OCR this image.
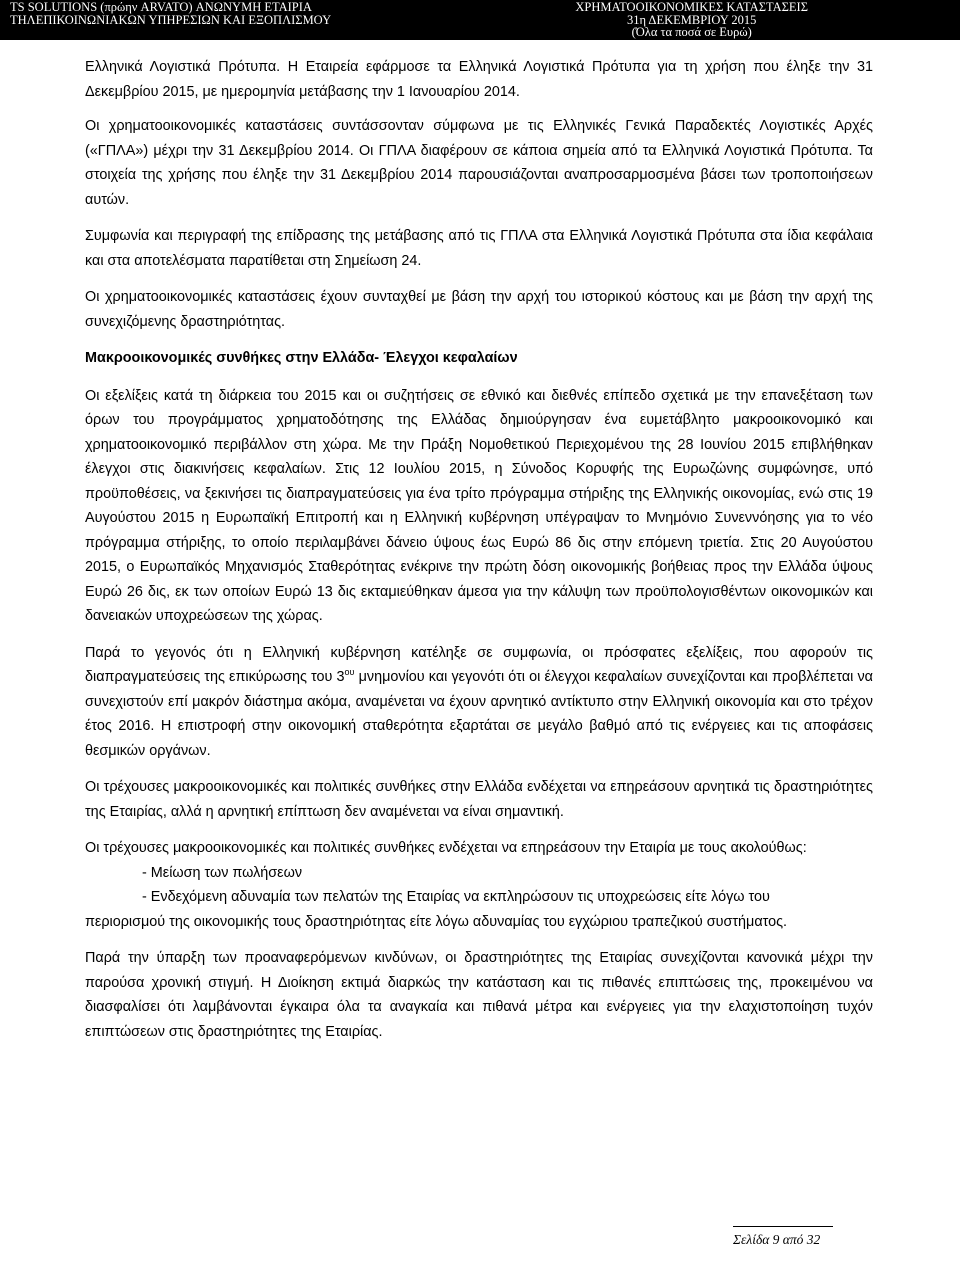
TS SOLUTIONS (πρώην ARVATO) ΑΝΩΝΥΜΗ ΕΤΑΙΡΙΑ
ΤΗΛΕΠΙΚΟΙΝΩΝΙΑΚΩΝ ΥΠΗΡΕΣΙΩΝ ΚΑΙ ΕΞΟΠΛΙΣΜΟΥ
ΧΡΗΜΑΤΟΟΙΚΟΝΟΜΙΚΕΣ ΚΑΤΑΣΤΑΣΕΙΣ
31η ΔΕΚΕΜΒΡΙΟΥ 2015
(Όλα τα ποσά σε Ευρώ)

Ελληνικά Λογιστικά Πρότυπα. Η Εταιρεία εφάρμοσε τα Ελληνικά Λογιστικά Πρότυπα για τη χρήση που έληξε την 31 Δεκεμβρίου 2015, με ημερομηνία μετάβασης την 1 Ιανουαρίου 2014.

Οι χρηματοοικονομικές καταστάσεις συντάσσονταν σύμφωνα με τις Ελληνικές Γενικά Παραδεκτές Λογιστικές Αρχές («ΓΠΛΑ») μέχρι την 31 Δεκεμβρίου 2014. Οι ΓΠΛΑ διαφέρουν σε κάποια σημεία από τα Ελληνικά Λογιστικά Πρότυπα. Τα στοιχεία της χρήσης που έληξε την 31 Δεκεμβρίου 2014 παρουσιάζονται αναπροσαρμοσμένα βάσει των τροποποιήσεων αυτών.

Συμφωνία και περιγραφή της επίδρασης της μετάβασης από τις ΓΠΛΑ στα Ελληνικά Λογιστικά Πρότυπα στα ίδια κεφάλαια και στα αποτελέσματα παρατίθεται στη Σημείωση 24.

Οι χρηματοοικονομικές καταστάσεις έχουν συνταχθεί με βάση την αρχή του ιστορικού κόστους και με βάση την αρχή της συνεχιζόμενης δραστηριότητας.

Μακροοικονομικές συνθήκες στην Ελλάδα- Έλεγχοι κεφαλαίων

Οι εξελίξεις κατά τη διάρκεια του 2015 και οι συζητήσεις σε εθνικό και διεθνές επίπεδο σχετικά με την επανεξέταση των όρων του προγράμματος χρηματοδότησης της Ελλάδας δημιούργησαν ένα ευμετάβλητο μακροοικονομικό και χρηματοοικονομικό περιβάλλον στη χώρα. Με την Πράξη Νομοθετικού Περιεχομένου της 28 Ιουνίου 2015 επιβλήθηκαν έλεγχοι στις διακινήσεις κεφαλαίων. Στις 12 Ιουλίου 2015, η Σύνοδος Κορυφής της Ευρωζώνης συμφώνησε, υπό προϋποθέσεις, να ξεκινήσει τις διαπραγματεύσεις για ένα τρίτο πρόγραμμα στήριξης της Ελληνικής οικονομίας, ενώ στις 19 Αυγούστου 2015 η Ευρωπαϊκή Επιτροπή και η Ελληνική κυβέρνηση υπέγραψαν το Μνημόνιο Συνεννόησης για το νέο πρόγραμμα στήριξης, το οποίο περιλαμβάνει δάνειο ύψους έως Ευρώ 86 δις στην επόμενη τριετία. Στις 20 Αυγούστου 2015, ο Ευρωπαϊκός Μηχανισμός Σταθερότητας ενέκρινε την πρώτη δόση οικονομικής βοήθειας προς την Ελλάδα ύψους Ευρώ 26 δις, εκ των οποίων Ευρώ 13 δις εκταμιεύθηκαν άμεσα για την κάλυψη των προϋπολογισθέντων οικονομικών και δανειακών υποχρεώσεων της χώρας.

Παρά το γεγονός ότι η Ελληνική κυβέρνηση κατέληξε σε συμφωνία, οι πρόσφατες εξελίξεις, που αφορούν τις διαπραγματεύσεις της επικύρωσης του $3^{o\upsilon}$ μνημονίου και γεγονότι ότι οι έλεγχοι κεφαλαίων συνεχίζονται και προβλέπεται να συνεχιστούν επί μακρόν διάστημα ακόμα, αναμένεται να έχουν αρνητικό αντίκτυπο στην Ελληνική οικονομία και στο τρέχον έτος 2016. Η επιστροφή στην οικονομική σταθερότητα εξαρτάται σε μεγάλο βαθμό από τις ενέργειες και τις αποφάσεις θεσμικών οργάνων.

Οι τρέχουσες μακροοικονομικές και πολιτικές συνθήκες στην Ελλάδα ενδέχεται να επηρεάσουν αρνητικά τις δραστηριότητες της Εταιρίας, αλλά η αρνητική επίπτωση δεν αναμένεται να είναι σημαντική.

Οι τρέχουσες μακροοικονομικές και πολιτικές συνθήκες ενδέχεται να επηρεάσουν την Εταιρία με τους ακολούθως:

- Μείωση των πωλήσεων
- Ενδεχόμενη αδυναμία των πελατών της Εταιρίας να εκπληρώσουν τις υποχρεώσεις είτε λόγω του

περιορισμού της οικονομικής τους δραστηριότητας είτε λόγω αδυναμίας του εγχώριου τραπεζικού συστήματος.

Παρά την ύπαρξη των προαναφερόμενων κινδύνων, οι δραστηριότητες της Εταιρίας συνεχίζονται κανονικά μέχρι την παρούσα χρονική στιγμή. Η Διοίκηση εκτιμά διαρκώς την κατάσταση και τις πιθανές επιπτώσεις της, προκειμένου να διασφαλίσει ότι λαμβάνονται έγκαιρα όλα τα αναγκαία και πιθανά μέτρα και ενέργειες για την ελαχιστοποίηση τυχόν επιπτώσεων στις δραστηριότητες της Εταιρίας.

Σελίδα 9 από 32
